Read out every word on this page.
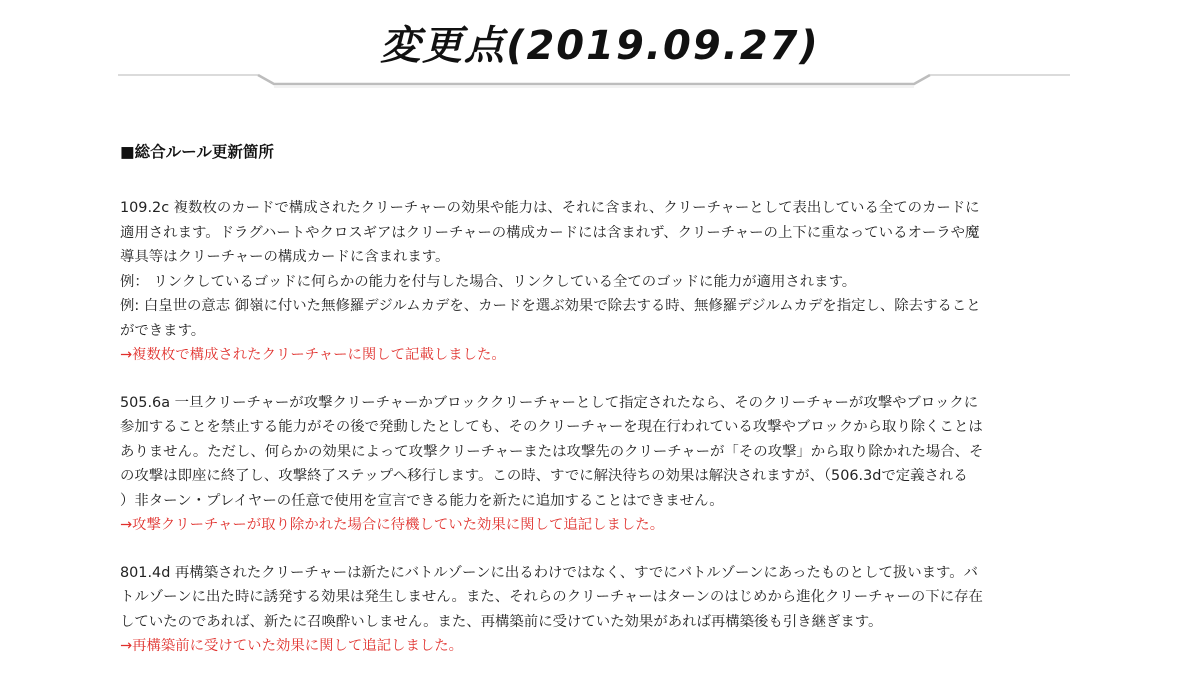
変更点(2019.09.27)
■総合ルール更新箇所
109.2c 複数枚のカードで構成されたクリーチャーの効果や能力は、それに含まれ、クリーチャーとして表出している全てのカードに
適用されます。ドラグハートやクロスギアはクリーチャーの構成カードには含まれず、クリーチャーの上下に重なっているオーラや魔
導具等はクリーチャーの構成カードに含まれます。
例： リンクしているゴッドに何らかの能力を付与した場合、リンクしている全てのゴッドに能力が適用されます。
例: 白皇世の意志 御嶺に付いた無修羅デジルムカデを、カードを選ぶ効果で除去する時、無修羅デジルムカデを指定し、除去すること
ができます。
→複数枚で構成されたクリーチャーに関して記載しました。
505.6a 一旦クリーチャーが攻撃クリーチャーかブロッククリーチャーとして指定されたなら、そのクリーチャーが攻撃やブロックに
参加することを禁止する能力がその後で発動したとしても、そのクリーチャーを現在行われている攻撃やブロックから取り除くことは
ありません。ただし、何らかの効果によって攻撃クリーチャーまたは攻撃先のクリーチャーが「その攻撃」から取り除かれた場合、そ
の攻撃は即座に終了し、攻撃終了ステップへ移行します。この時、すでに解決待ちの効果は解決されますが、（506.3dで定義される
）非ターン・プレイヤーの任意で使用を宣言できる能力を新たに追加することはできません。
→攻撃クリーチャーが取り除かれた場合に待機していた効果に関して追記しました。
801.4d 再構築されたクリーチャーは新たにバトルゾーンに出るわけではなく、すでにバトルゾーンにあったものとして扱います。バ
トルゾーンに出た時に誘発する効果は発生しません。また、それらのクリーチャーはターンのはじめから進化クリーチャーの下に存在
していたのであれば、新たに召喚酔いしません。また、再構築前に受けていた効果があれば再構築後も引き継ぎます。
→再構築前に受けていた効果に関して追記しました。
